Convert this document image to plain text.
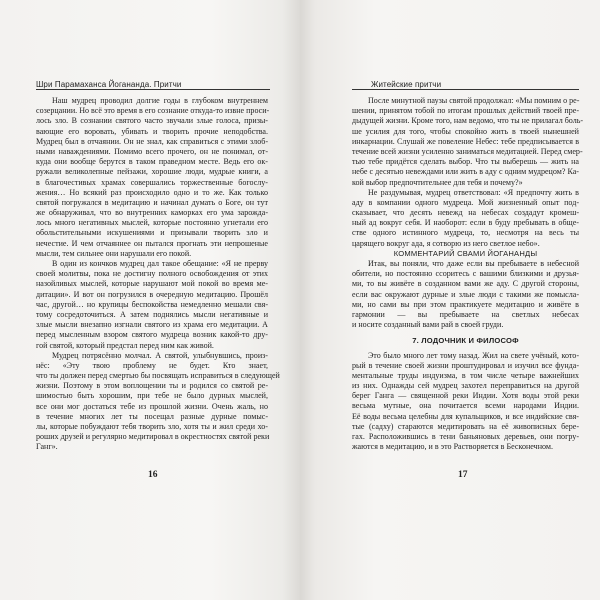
Шри Парамаханса Йогананда. Притчи
Наш мудрец проводил долгие годы в глубоком внутреннем
созерцании. Но всё это время в его сознание откуда-то извне проси-
лось зло. В сознании святого часто звучали злые голоса, призы-
вающие его воровать, убивать и творить прочие неподобства.
Мудрец был в отчаянии. Он не знал, как справиться с этими злоб-
ными наваждениями. Помимо всего прочего, он не понимал, от-
куда они вообще берутся в таком праведном месте. Ведь его ок-
ружали великолепные пейзажи, хорошие люди, мудрые книги, а
в благочестивых храмах совершались торжественные богослу-
жения… Но всякий раз происходило одно и то же. Как только
святой погружался в медитацию и начинал думать о Боге, он тут
же обнаруживал, что во внутренних каморках его ума зарожда-
лось много негативных мыслей, которые постоянно угнетали его
обольстительными искушениями и призывали творить зло и
нечестие. И чем отчаяннее он пытался прогнать эти непрошеные
мысли, тем сильнее они нарушали его покой.
В один из кончков мудрец дал такое обещание: «Я не прерву
своей молитвы, пока не достигну полного освобождения от этих
назойливых мыслей, которые нарушают мой покой во время ме-
дитации». И вот он погрузился в очередную медитацию. Прошёл
час, другой… но крупицы беспокойства немедленно мешали свя-
тому сосредоточиться. А затем поднялись мысли негативные и
злые мысли внезапно изгнали святого из храма его медитации. А
перед мысленным взором святого мудреца возник какой-то дру-
гой святой, который предстал перед ним как живой.
Мудрец потрясённо молчал. А святой, улыбнувшись, произ-
нёс: «Эту твою проблему не будет. Кто знает,
что ты должен перед смертью бы посвящать исправиться в следующей
жизни. Поэтому в этом воплощении ты и родился со святой ре-
шимостью быть хорошим, при тебе не было дурных мыслей,
все они мог достаться тебе из прошлой жизни. Очень жаль, но
в течение многих лет ты посещал разные дурные помыс-
лы, которые побуждают тебя творить зло, хотя ты и жил среди хо-
роших друзей и регулярно медитировал в окрестностях святой реки
Ганг».
16
Житейские притчи
После минутной паузы святой продолжал: «Мы помним о ре-
шении, принятом тобой по итогам прошлых действий твоей пре-
дыдущей жизни. Кроме того, нам ведомо, что ты не прилагал боль-
ше усилия для того, чтобы спокойно жить в твоей нынешней
инкарнации. Слушай же повеление Небес: тебе предписывается в
течение всей жизни усиленно заниматься медитацией. Перед смер-
тью тебе придётся сделать выбор. Что ты выберешь — жить на
небе с десятью невеждами или жить в аду с одним мудрецом? Ка-
кой выбор предпочтительнее для тебя и почему?»
Не раздумывая, мудрец ответствовал: «Я предпочту жить в
аду в компании одного мудреца. Мой жизненный опыт под-
сказывает, что десять невежд на небесах создадут кромеш-
ный ад вокруг себя. И наоборот: если в буду пребывать в обще-
стве одного истинного мудреца, то, несмотря на весь ты
царящего вокруг ада, я сотворю из него светлое небо».
КОММЕНТАРИЙ СВАМИ ЙОГАНАНДЫ
Итак, вы поняли, что даже если вы пребываете в небесной
обители, но постоянно ссоритесь с вашими близкими и друзья-
ми, то вы живёте в созданном вами же аду. С другой стороны,
если вас окружают дурные и злые люди с такими же помысла-
ми, но сами вы при этом практикуете медитацию и живёте в
гармонии — вы пребываете на светлых небесах
и носите созданный вами рай в своей груди.
7. ЛОДОЧНИК И ФИЛОСОФ
Это было много лет тому назад. Жил на свете учёный, кото-
рый в течение своей жизни проштудировал и изучил все фунда-
ментальные труды индуизма, в том числе четыре важнейших
из них. Однажды сей мудрец захотел переправиться на другой
берег Ганга — священной реки Индии. Хотя воды этой реки
весьма мутные, она почитается всеми народами Индии.
Её воды весьма целебны для купальщиков, и все индийские свя-
тые (садху) стараются медитировать на её живописных бере-
гах. Расположившись в тени баньяновых деревьев, они погру-
жаются в медитацию, и в это Растворяется в Бесконечном.
17
